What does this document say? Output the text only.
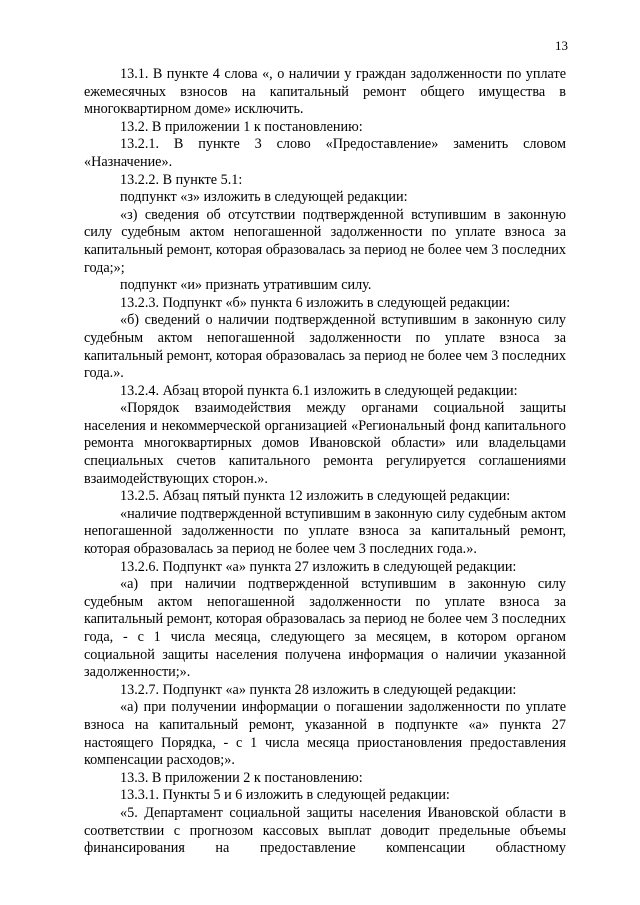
13

13.1. В пункте 4 слова «, о наличии у граждан задолженности по уплате ежемесячных взносов на капитальный ремонт общего имущества в многоквартирном доме» исключить.

13.2. В приложении 1 к постановлению:

13.2.1. В пункте 3 слово «Предоставление» заменить словом «Назначение».

13.2.2. В пункте 5.1:

подпункт «з» изложить в следующей редакции:

«з) сведения об отсутствии подтвержденной вступившим в законную силу судебным актом непогашенной задолженности по уплате взноса за капитальный ремонт, которая образовалась за период не более чем 3 последних года;»;

подпункт «и» признать утратившим силу.

13.2.3. Подпункт «б» пункта 6 изложить в следующей редакции:

«б) сведений о наличии подтвержденной вступившим в законную силу судебным актом непогашенной задолженности по уплате взноса за капитальный ремонт, которая образовалась за период не более чем 3 последних года.».

13.2.4. Абзац второй пункта 6.1 изложить в следующей редакции:

«Порядок взаимодействия между органами социальной защиты населения и некоммерческой организацией «Региональный фонд капитального ремонта многоквартирных домов Ивановской области» или владельцами специальных счетов капитального ремонта регулируется соглашениями взаимодействующих сторон.».

13.2.5. Абзац пятый пункта 12 изложить в следующей редакции:

«наличие подтвержденной вступившим в законную силу судебным актом непогашенной задолженности по уплате взноса за капитальный ремонт, которая образовалась за период не более чем 3 последних года.».

13.2.6. Подпункт «а» пункта 27 изложить в следующей редакции:

«а) при наличии подтвержденной вступившим в законную силу судебным актом непогашенной задолженности по уплате взноса за капитальный ремонт, которая образовалась за период не более чем 3 последних года, - с 1 числа месяца, следующего за месяцем, в котором органом социальной защиты населения получена информация о наличии указанной задолженности;».

13.2.7. Подпункт «а» пункта 28 изложить в следующей редакции:

«а) при получении информации о погашении задолженности по уплате взноса на капитальный ремонт, указанной в подпункте «а» пункта 27 настоящего Порядка, - с 1 числа месяца приостановления предоставления компенсации расходов;».

13.3. В приложении 2 к постановлению:

13.3.1. Пункты 5 и 6 изложить в следующей редакции:

«5. Департамент социальной защиты населения Ивановской области в соответствии с прогнозом кассовых выплат доводит предельные объемы финансирования на предоставление компенсации областному
